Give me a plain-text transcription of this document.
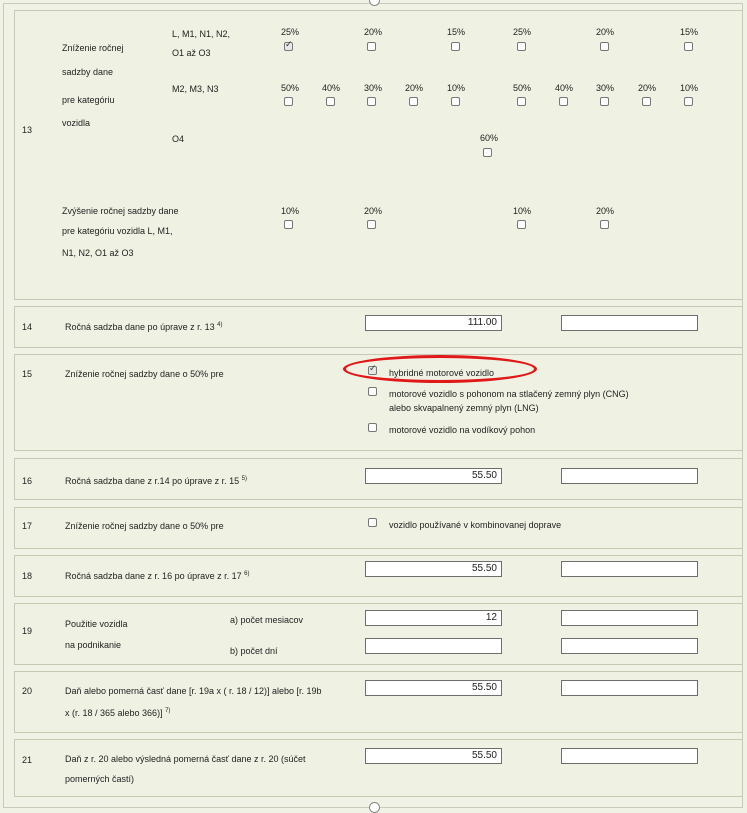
13
Zníženie ročnej
sadzby dane
pre kategóriu
vozidla
L, M1, N1, N2,
O1 až O3
M2, M3, N3
O4
25%	20%	15%	25%	20%	15%
✓
50%	40%	30%	20%	10%	50%	40%	30%	20%	10%
60%
Zvýšenie ročnej sadzby dane
pre kategóriu vozidla L, M1,
N1, N2, O1 až O3
10%	20%	10%	20%
14	Ročná sadzba dane po úprave z r. 13 $^{4)}$	111.00
15	Zníženie ročnej sadzby dane o 50% pre
✓	hybridné motorové vozidlo
motorové vozidlo s pohonom na stlačený zemný plyn (CNG)
alebo skvapalnený zemný plyn (LNG)
motorové vozidlo na vodíkový pohon
16	Ročná sadzba dane z r.14 po úprave z r. 15 $^{5)}$	55.50
17	Zníženie ročnej sadzby dane o 50% pre	vozidlo používané v kombinovanej doprave
18	Ročná sadzba dane z r. 16 po úprave z r. 17 $^{6)}$	55.50
19
Použitie vozidla
na podnikanie
a) počet mesiacov
b) počet dní
12
20	Daň alebo pomerná časť dane [r. 19a x ( r. 18 / 12)] alebo [r. 19b
x (r. 18 / 365 alebo 366)] $^{7)}$
55.50
21	Daň z r. 20 alebo výsledná pomerná časť dane z r. 20 (súčet
pomerných častí)
55.50
